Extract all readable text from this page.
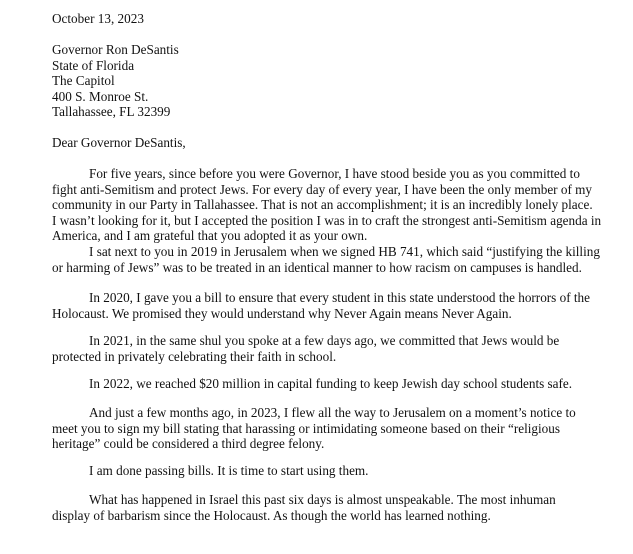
October 13, 2023
Governor Ron DeSantis
State of Florida
The Capitol
400 S. Monroe St.
Tallahassee, FL 32399
Dear Governor DeSantis,
For five years, since before you were Governor, I have stood beside you as you committed to
fight anti-Semitism and protect Jews. For every day of every year, I have been the only member of my
community in our Party in Tallahassee. That is not an accomplishment; it is an incredibly lonely place.
I wasn’t looking for it, but I accepted the position I was in to craft the strongest anti-Semitism agenda in
America, and I am grateful that you adopted it as your own.
I sat next to you in 2019 in Jerusalem when we signed HB 741, which said “justifying the killing
or harming of Jews” was to be treated in an identical manner to how racism on campuses is handled.
In 2020, I gave you a bill to ensure that every student in this state understood the horrors of the
Holocaust. We promised they would understand why Never Again means Never Again.
In 2021, in the same shul you spoke at a few days ago, we committed that Jews would be
protected in privately celebrating their faith in school.
In 2022, we reached $20 million in capital funding to keep Jewish day school students safe.
And just a few months ago, in 2023, I flew all the way to Jerusalem on a moment’s notice to
meet you to sign my bill stating that harassing or intimidating someone based on their “religious
heritage” could be considered a third degree felony.
I am done passing bills. It is time to start using them.
What has happened in Israel this past six days is almost unspeakable. The most inhuman
display of barbarism since the Holocaust. As though the world has learned nothing.
